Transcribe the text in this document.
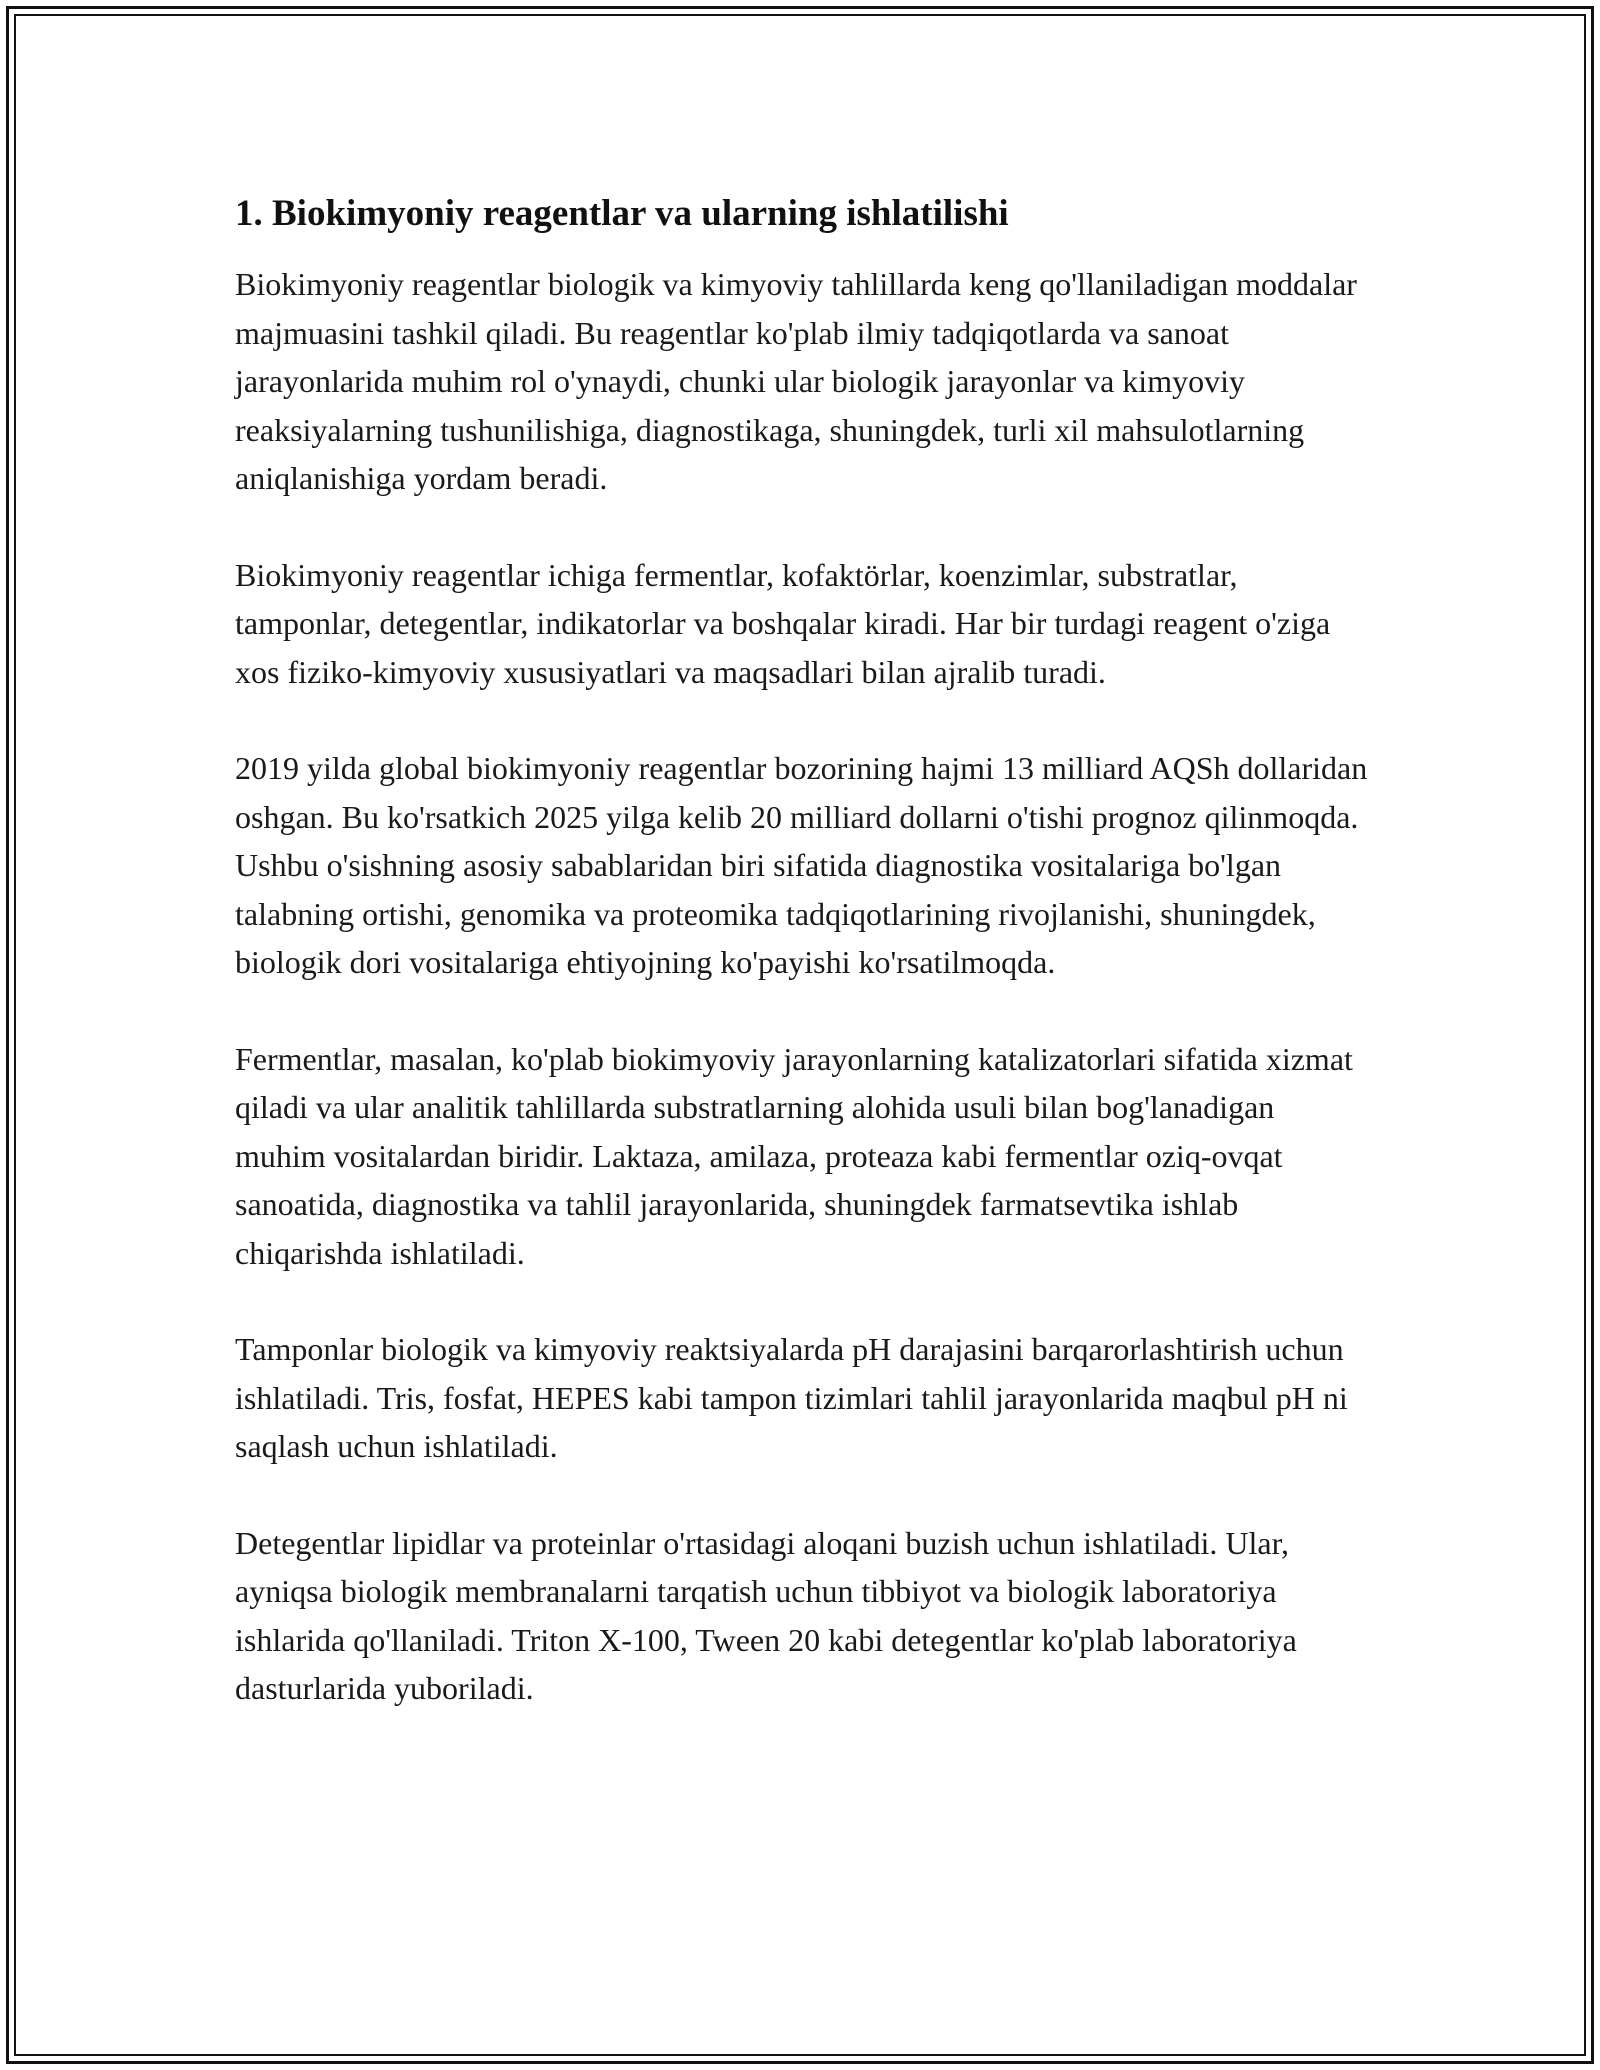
1. Biokimyoniy reagentlar va ularning ishlatilishi

Biokimyoniy reagentlar biologik va kimyoviy tahlillarda keng qo'llaniladigan moddalar majmuasini tashkil qiladi. Bu reagentlar ko'plab ilmiy tadqiqotlarda va sanoat jarayonlarida muhim rol o'ynaydi, chunki ular biologik jarayonlar va kimyoviy reaksiyalarning tushunilishiga, diagnostikaga, shuningdek, turli xil mahsulotlarning aniqlanishiga yordam beradi.

Biokimyoniy reagentlar ichiga fermentlar, kofaktörlar, koenzimlar, substratlar, tamponlar, detegentlar, indikatorlar va boshqalar kiradi. Har bir turdagi reagent o'ziga xos fiziko-kimyoviy xususiyatlari va maqsadlari bilan ajralib turadi.

2019 yilda global biokimyoniy reagentlar bozorining hajmi 13 milliard AQSh dollaridan oshgan. Bu ko'rsatkich 2025 yilga kelib 20 milliard dollarni o'tishi prognoz qilinmoqda. Ushbu o'sishning asosiy sabablaridan biri sifatida diagnostika vositalariga bo'lgan talabning ortishi, genomika va proteomika tadqiqotlarining rivojlanishi, shuningdek, biologik dori vositalariga ehtiyojning ko'payishi ko'rsatilmoqda.

Fermentlar, masalan, ko'plab biokimyoviy jarayonlarning katalizatorlari sifatida xizmat qiladi va ular analitik tahlillarda substratlarning alohida usuli bilan bog'lanadigan muhim vositalardan biridir. Laktaza, amilaza, proteaza kabi fermentlar oziq-ovqat sanoatida, diagnostika va tahlil jarayonlarida, shuningdek farmatsevtika ishlab chiqarishda ishlatiladi.

Tamponlar biologik va kimyoviy reaktsiyalarda pH darajasini barqarorlashtirish uchun ishlatiladi. Tris, fosfat, HEPES kabi tampon tizimlari tahlil jarayonlarida maqbul pH ni saqlash uchun ishlatiladi.

Detegentlar lipidlar va proteinlar o'rtasidagi aloqani buzish uchun ishlatiladi. Ular, ayniqsa biologik membranalarni tarqatish uchun tibbiyot va biologik laboratoriya ishlarida qo'llaniladi. Triton X-100, Tween 20 kabi detegentlar ko'plab laboratoriya dasturlarida yuboriladi.
